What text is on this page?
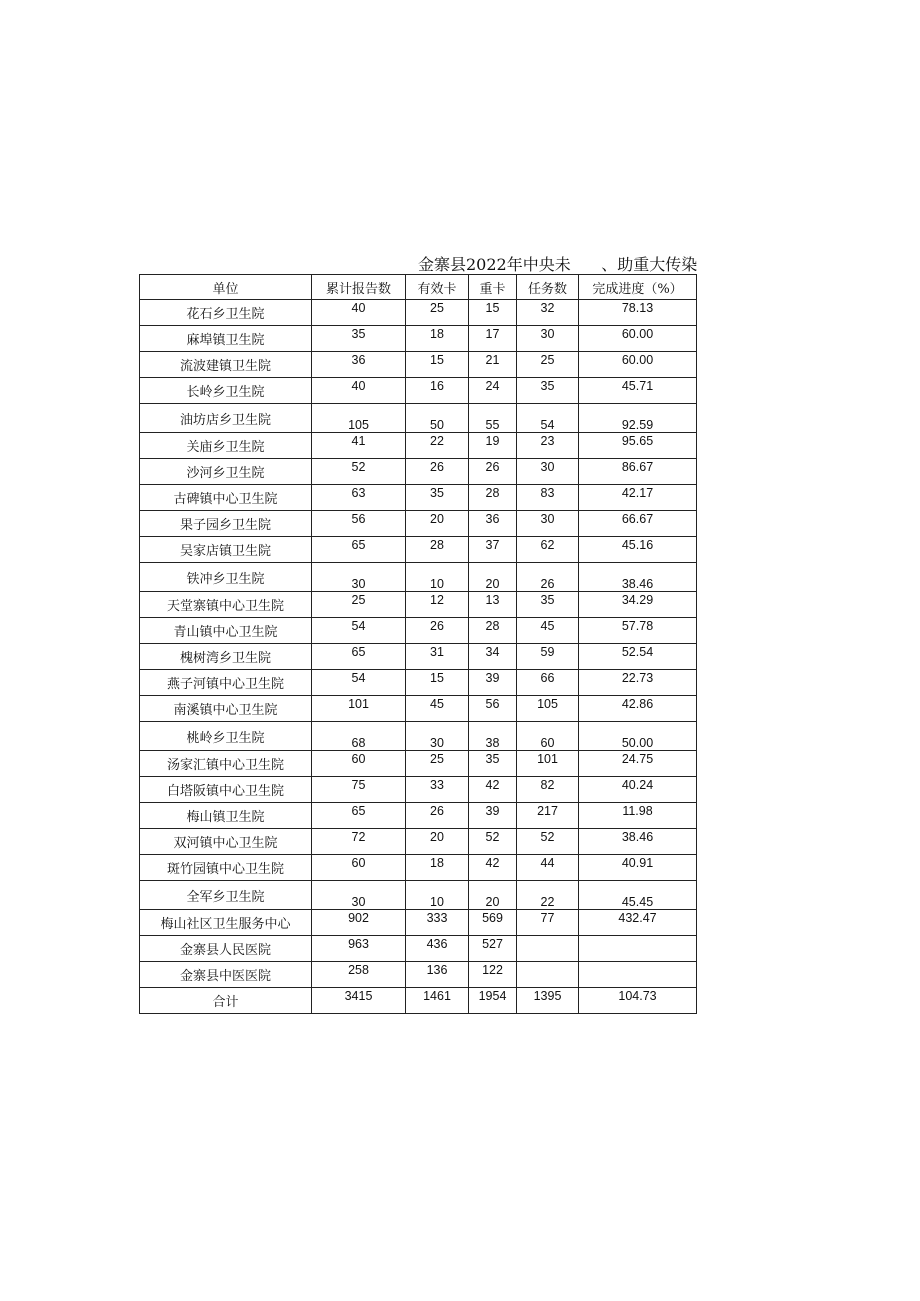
金寨县2022年中央未      、助重大传染
单位	累计报告数	有效卡	重卡	任务数	完成进度（%）
花石乡卫生院	40	25	15	32	78.13
麻埠镇卫生院	35	18	17	30	60.00
流波建镇卫生院	36	15	21	25	60.00
长岭乡卫生院	40	16	24	35	45.71
油坊店乡卫生院	105	50	55	54	92.59
关庙乡卫生院	41	22	19	23	95.65
沙河乡卫生院	52	26	26	30	86.67
古碑镇中心卫生院	63	35	28	83	42.17
果子园乡卫生院	56	20	36	30	66.67
吴家店镇卫生院	65	28	37	62	45.16
铁冲乡卫生院	30	10	20	26	38.46
天堂寨镇中心卫生院	25	12	13	35	34.29
青山镇中心卫生院	54	26	28	45	57.78
槐树湾乡卫生院	65	31	34	59	52.54
燕子河镇中心卫生院	54	15	39	66	22.73
南溪镇中心卫生院	101	45	56	105	42.86
桃岭乡卫生院	68	30	38	60	50.00
汤家汇镇中心卫生院	60	25	35	101	24.75
白塔阪镇中心卫生院	75	33	42	82	40.24
梅山镇卫生院	65	26	39	217	11.98
双河镇中心卫生院	72	20	52	52	38.46
斑竹园镇中心卫生院	60	18	42	44	40.91
全军乡卫生院	30	10	20	22	45.45
梅山社区卫生服务中心	902	333	569	77	432.47
金寨县人民医院	963	436	527		
金寨县中医医院	258	136	122		
合计	3415	1461	1954	1395	104.73
